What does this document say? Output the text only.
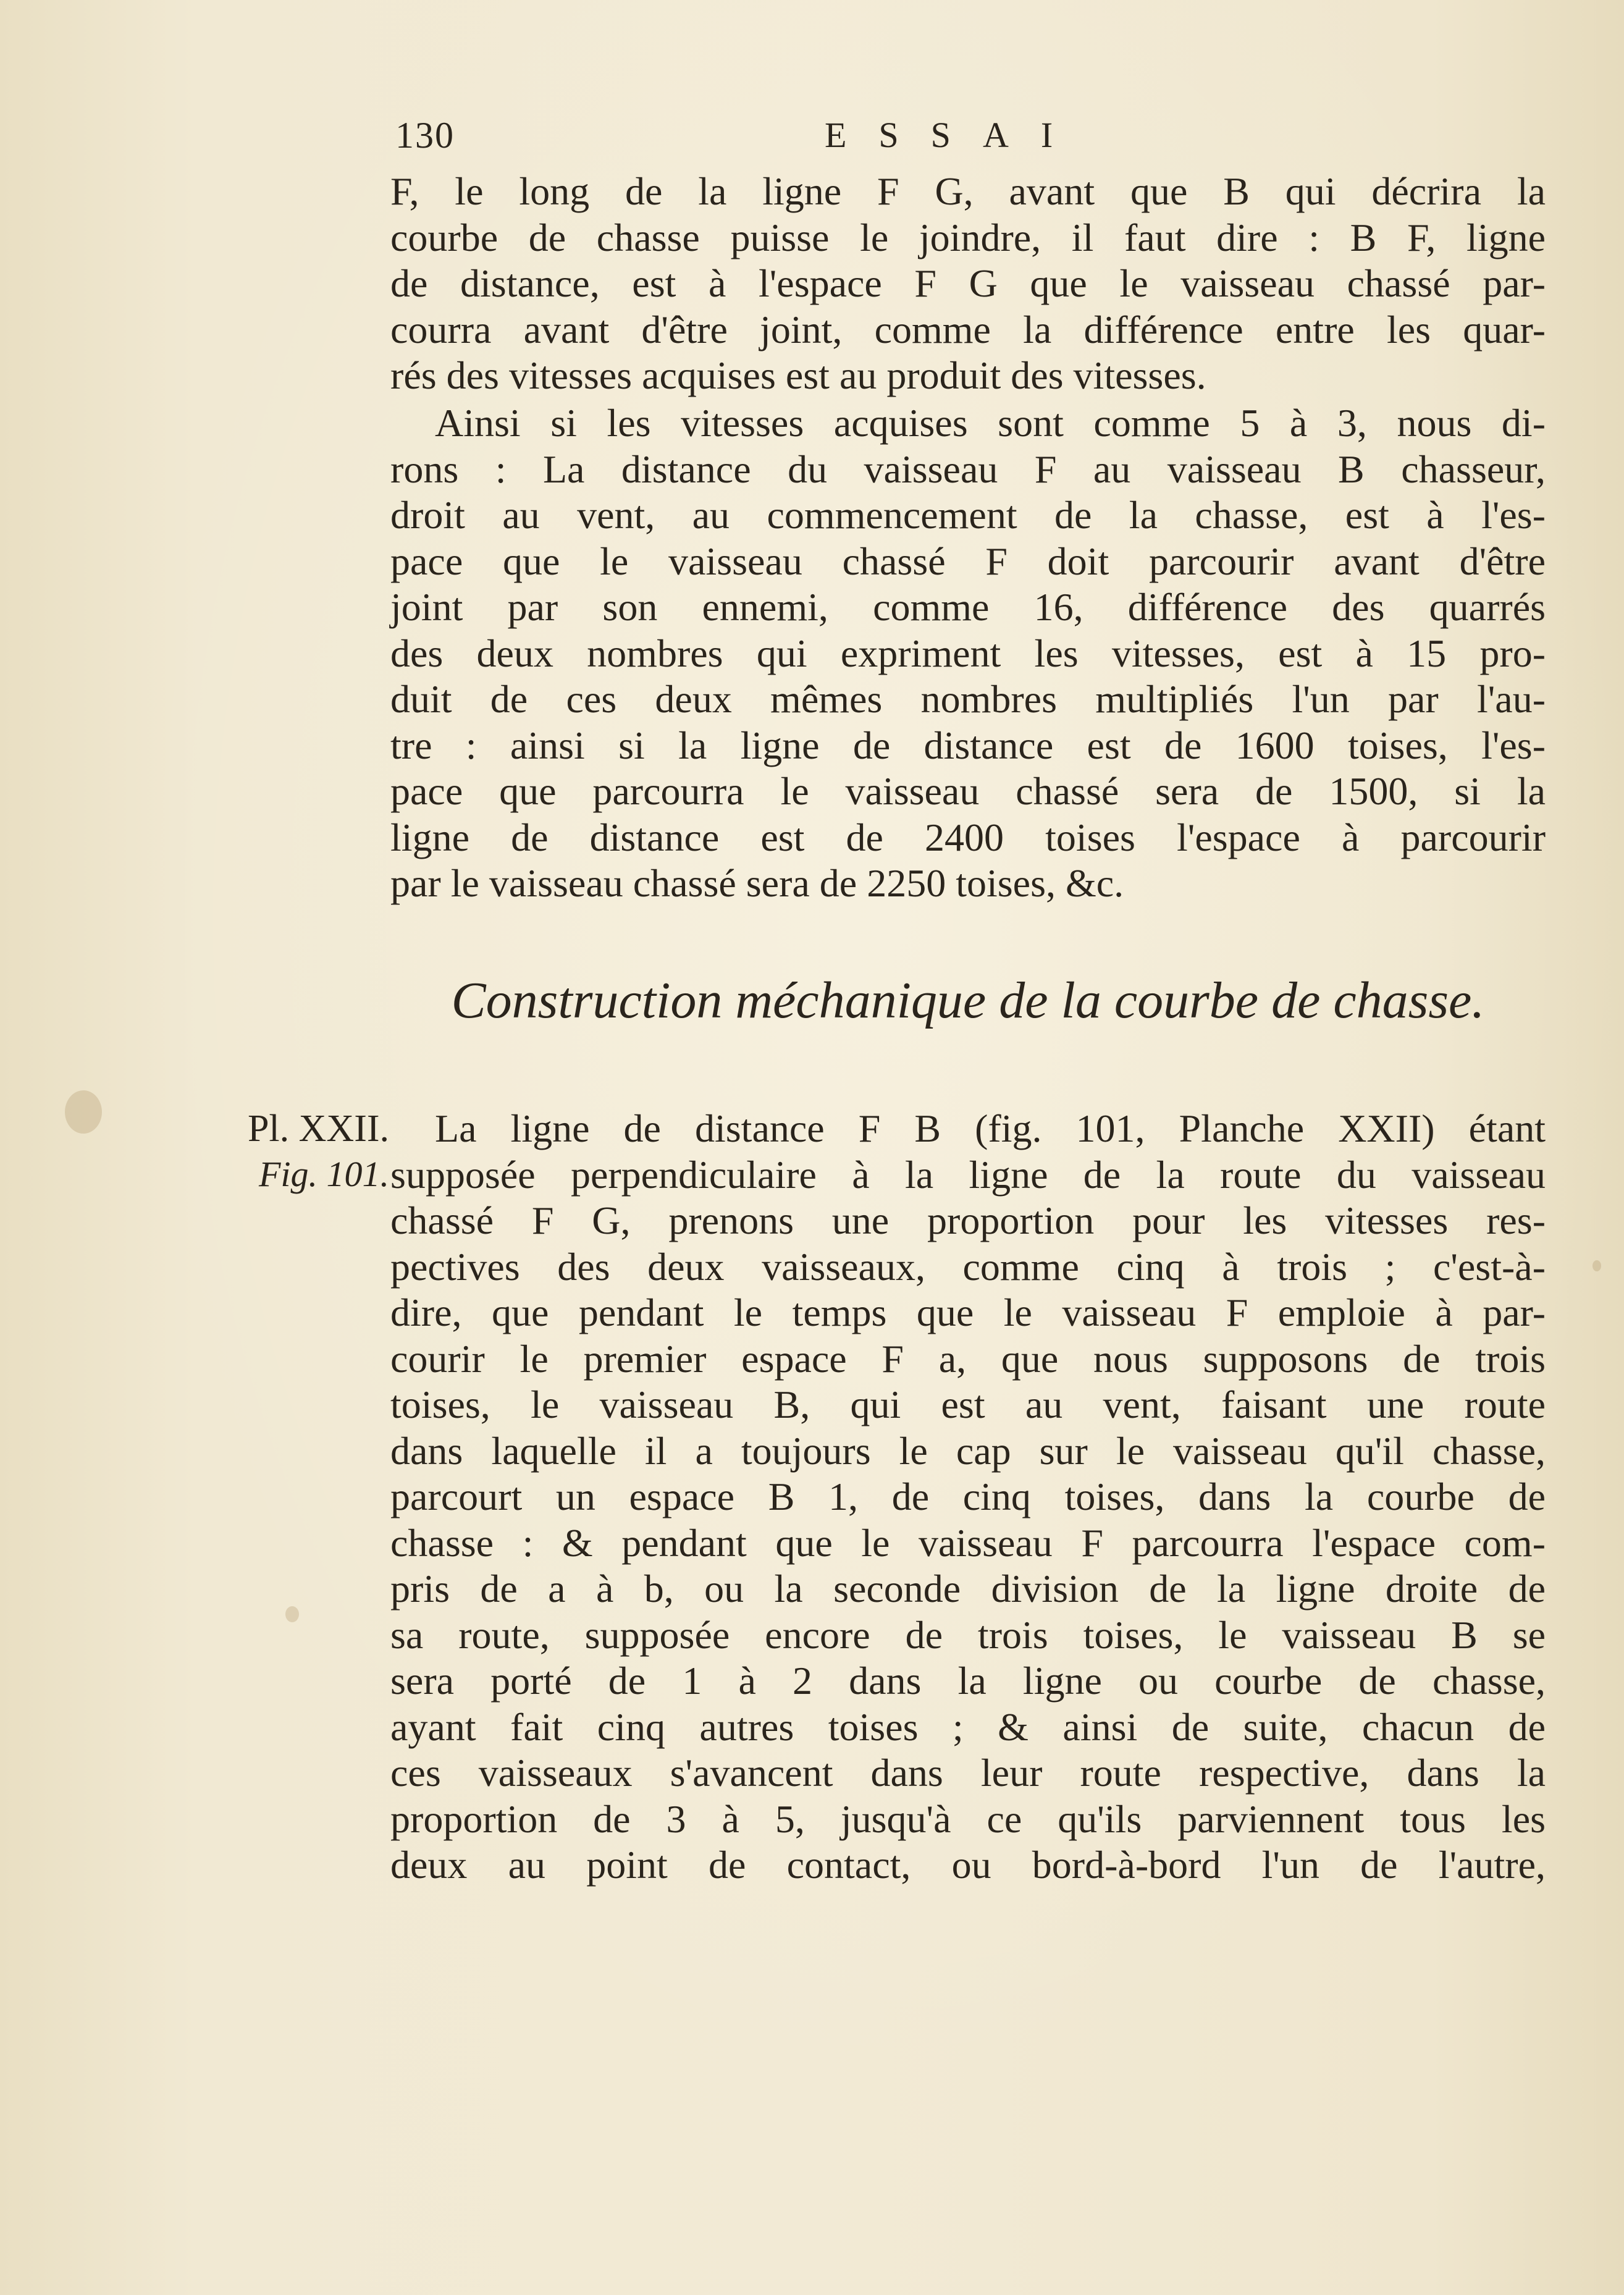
130	ESSAI
F, le long de la ligne F G, avant que B qui décrira la
courbe de chasse puisse le joindre, il faut dire : B F, ligne
de distance, est à l'espace F G que le vaisseau chassé par-
courra avant d'être joint, comme la différence entre les quar-
rés des vitesses acquises est au produit des vitesses.
Ainsi si les vitesses acquises sont comme 5 à 3, nous di-
rons : La distance du vaisseau F au vaisseau B chasseur,
droit au vent, au commencement de la chasse, est à l'es-
pace que le vaisseau chassé F doit parcourir avant d'être
joint par son ennemi, comme 16, différence des quarrés
des deux nombres qui expriment les vitesses, est à 15 pro-
duit de ces deux mêmes nombres multipliés l'un par l'au-
tre : ainsi si la ligne de distance est de 1600 toises, l'es-
pace que parcourra le vaisseau chassé sera de 1500, si la
ligne de distance est de 2400 toises l'espace à parcourir
par le vaisseau chassé sera de 2250 toises, &c.
Construction méchanique de la courbe de chasse.
Pl. XXII.
Fig. 101.
La ligne de distance F B (fig. 101, Planche XXII) étant
supposée perpendiculaire à la ligne de la route du vaisseau
chassé F G, prenons une proportion pour les vitesses res-
pectives des deux vaisseaux, comme cinq à trois ; c'est-à-
dire, que pendant le temps que le vaisseau F emploie à par-
courir le premier espace F a, que nous supposons de trois
toises, le vaisseau B, qui est au vent, faisant une route
dans laquelle il a toujours le cap sur le vaisseau qu'il chasse,
parcourt un espace B 1, de cinq toises, dans la courbe de
chasse : & pendant que le vaisseau F parcourra l'espace com-
pris de a à b, ou la seconde division de la ligne droite de
sa route, supposée encore de trois toises, le vaisseau B se
sera porté de 1 à 2 dans la ligne ou courbe de chasse,
ayant fait cinq autres toises ; & ainsi de suite, chacun de
ces vaisseaux s'avancent dans leur route respective, dans la
proportion de 3 à 5, jusqu'à ce qu'ils parviennent tous les
deux au point de contact, ou bord-à-bord l'un de l'autre,
